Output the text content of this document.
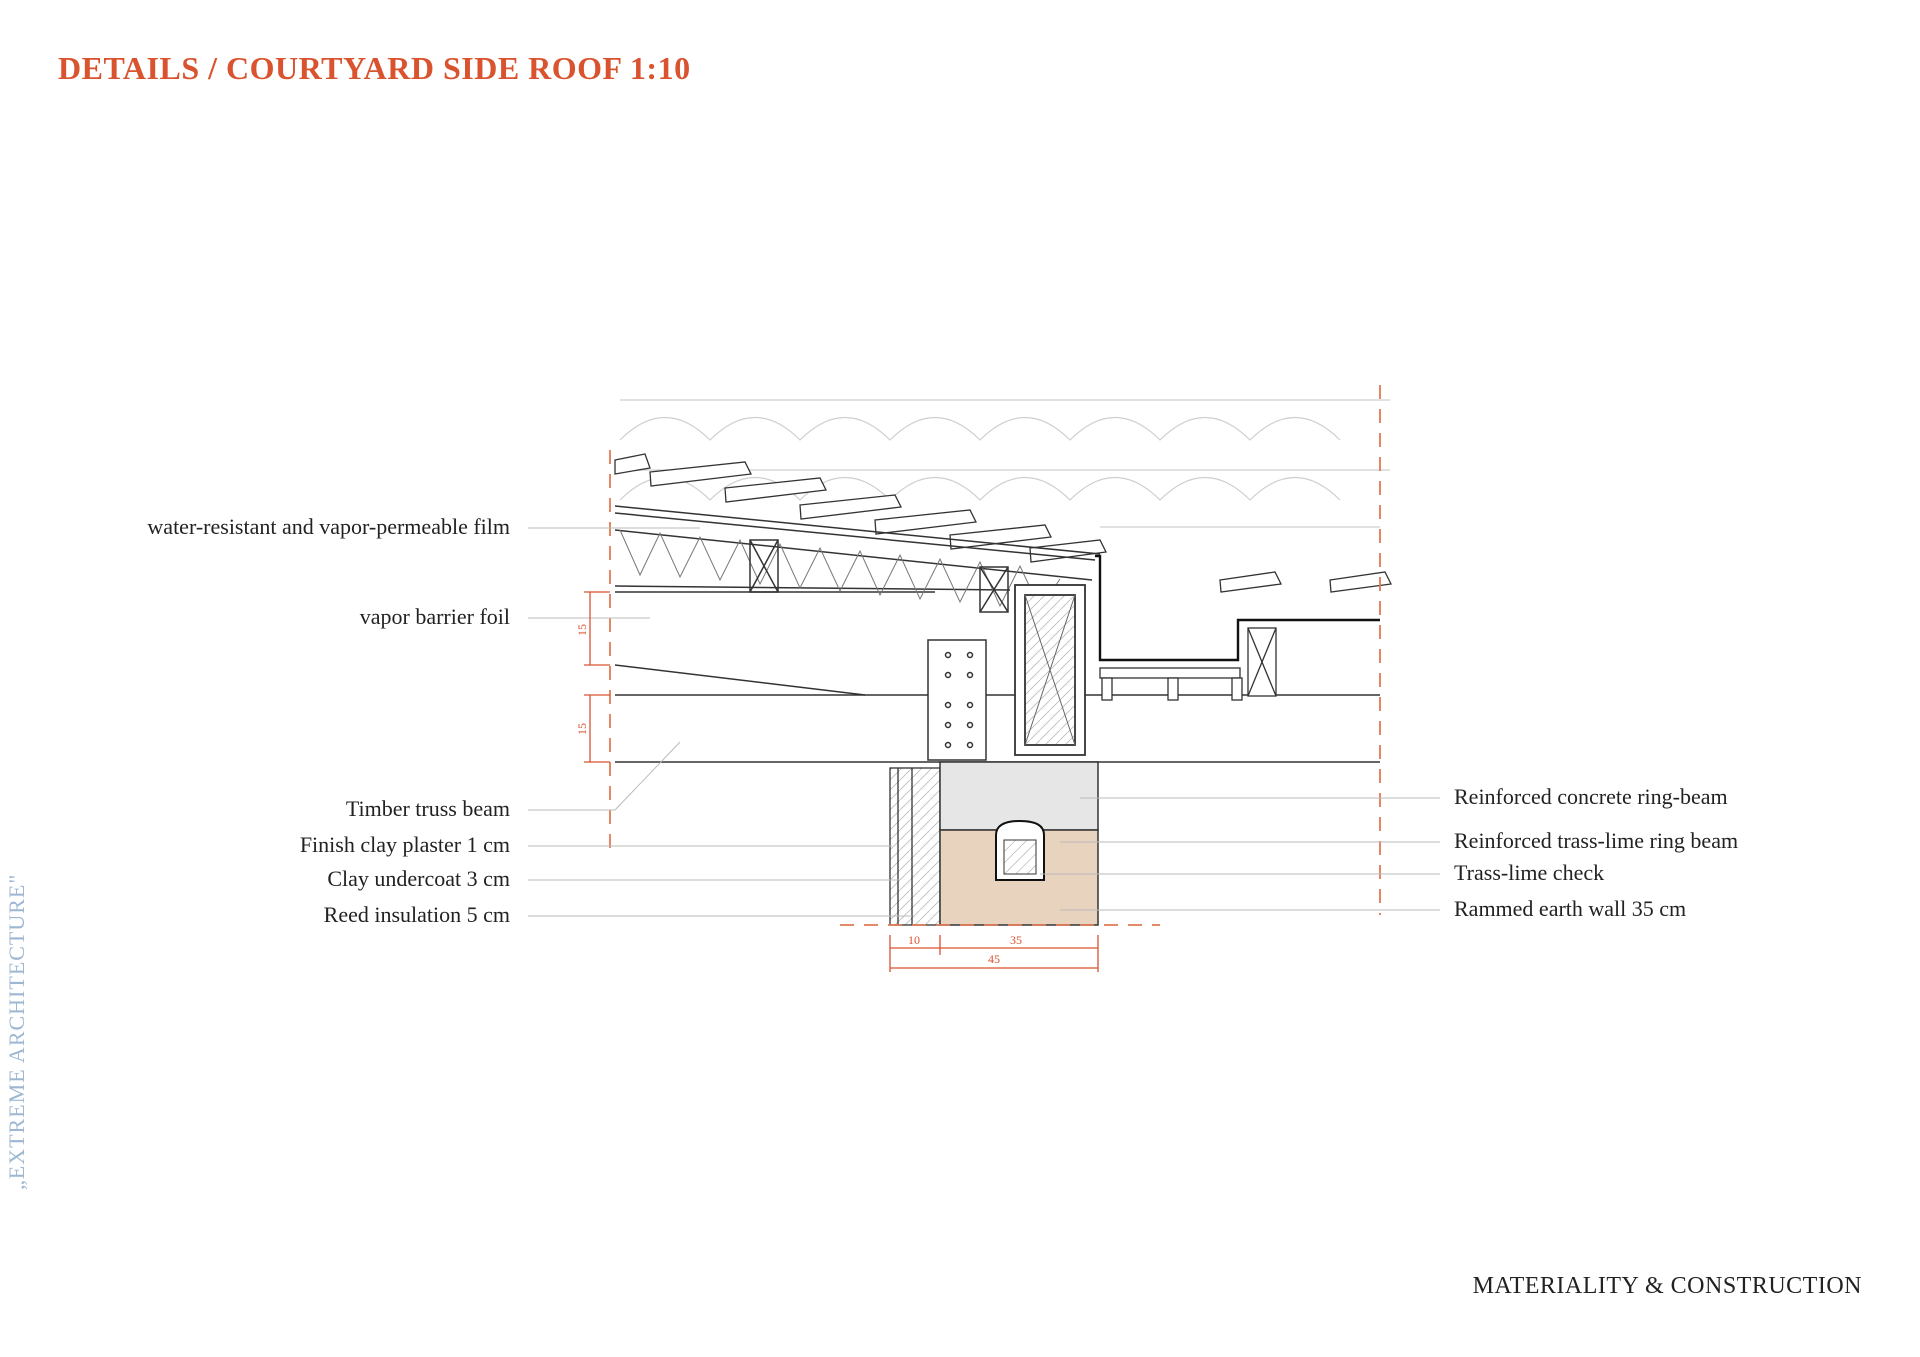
DETAILS / COURTYARD SIDE ROOF 1:10
15
15
10	35
45
water-resistant and vapor-permeable film
vapor barrier foil
Timber truss beam
Finish clay plaster 1 cm
Clay undercoat 3 cm
Reed insulation 5 cm
Reinforced concrete ring-beam
Reinforced trass-lime ring beam
Trass-lime check
Rammed earth wall 35 cm
MATERIALITY & CONSTRUCTION
„EXTREME ARCHITECTURE"
